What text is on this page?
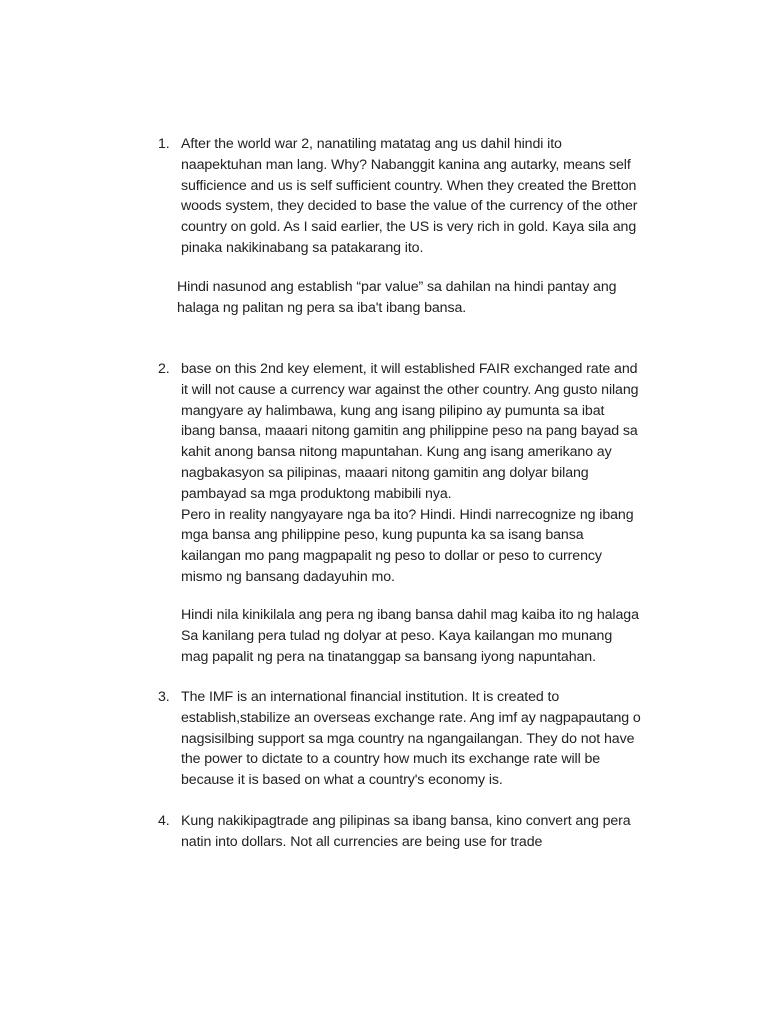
1. After the world war 2, nanatiling matatag ang us dahil hindi ito
naapektuhan man lang. Why? Nabanggit kanina ang autarky, means self
sufficience and us is self sufficient country. When they created the Bretton
woods system, they decided to base the value of the currency of the other
country on gold. As I said earlier, the US is very rich in gold. Kaya sila ang
pinaka nakikinabang sa patakarang ito.
Hindi nasunod ang establish “par value” sa dahilan na hindi pantay ang
halaga ng palitan ng pera sa iba't ibang bansa.
2. base on this 2nd key element, it will established FAIR exchanged rate and
it will not cause a currency war against the other country. Ang gusto nilang
mangyare ay halimbawa, kung ang isang pilipino ay pumunta sa ibat
ibang bansa, maaari nitong gamitin ang philippine peso na pang bayad sa
kahit anong bansa nitong mapuntahan. Kung ang isang amerikano ay
nagbakasyon sa pilipinas, maaari nitong gamitin ang dolyar bilang
pambayad sa mga produktong mabibili nya.
Pero in reality nangyayare nga ba ito? Hindi. Hindi narrecognize ng ibang
mga bansa ang philippine peso, kung pupunta ka sa isang bansa
kailangan mo pang magpapalit ng peso to dollar or peso to currency
mismo ng bansang dadayuhin mo.
Hindi nila kinikilala ang pera ng ibang bansa dahil mag kaiba ito ng halaga
Sa kanilang pera tulad ng dolyar at peso. Kaya kailangan mo munang
mag papalit ng pera na tinatanggap sa bansang iyong napuntahan.
3. The IMF is an international financial institution. It is created to
establish,stabilize an overseas exchange rate. Ang imf ay nagpapautang o
nagsisilbing support sa mga country na ngangailangan. They do not have
the power to dictate to a country how much its exchange rate will be
because it is based on what a country's economy is.
4. Kung nakikipagtrade ang pilipinas sa ibang bansa, kino convert ang pera
natin into dollars. Not all currencies are being use for trade
